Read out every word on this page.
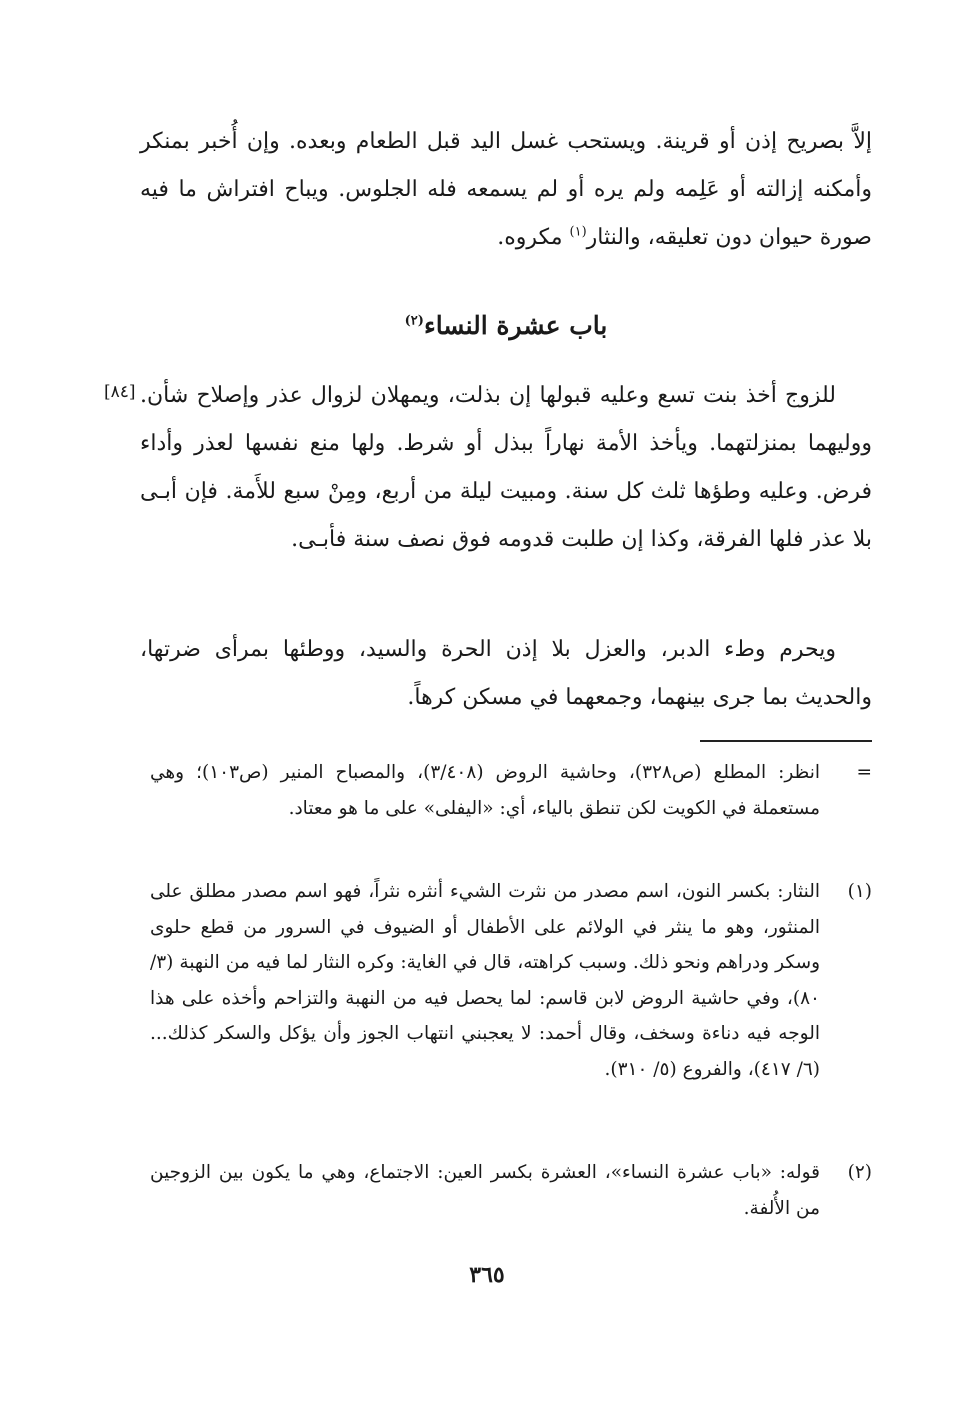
إلاَّ بصريح إذن أو قرينة. ويستحب غسل اليد قبل الطعام وبعده. وإن أُخبر بمنكر وأمكنه إزالته أو عَلِمه ولم يره أو لم يسمعه فله الجلوس. ويباح افتراش ما فيه صورة حيوان دون تعليقه، والنثار$^{(١)}$ مكروه.
باب عشرة النساء$^{(٢)}$
[٨٤] للزوج أخذ بنت تسع وعليه قبولها إن بذلت، ويمهلان لزوال عذر وإصلاح شأن. ووليهما بمنزلتهما. ويأخذ الأمة نهاراً ببذل أو شرط. ولها منع نفسها لعذر وأداء فرض. وعليه وطؤها ثلث كل سنة. ومبيت ليلة من أربع، ومِنْ سبع للأَمة. فإن أبـى بلا عذر فلها الفرقة، وكذا إن طلبت قدومه فوق نصف سنة فأبـى.
ويحرم وطء الدبر، والعزل بلا إذن الحرة والسيد، ووطئها بمرأى ضرتها، والحديث بما جرى بينهما، وجمعهما في مسكن كرهاً.
=
انظر: المطلع (ص٣٢٨)، وحاشية الروض (٣/٤٠٨)، والمصباح المنير (ص١٠٣)؛ وهي مستعملة في الكويت لكن تنطق بالياء، أي: «اليفلى» على ما هو معتاد.
(١)
النثار: بكسر النون، اسم مصدر من نثرت الشيء أنثره نثراً، فهو اسم مصدر مطلق على المنثور، وهو ما ينثر في الولائم على الأطفال أو الضيوف في السرور من قطع حلوى وسكر ودراهم ونحو ذلك. وسبب كراهته، قال في الغاية: وكره النثار لما فيه من النهبة (٣/ ٨٠)، وفي حاشية الروض لابن قاسم: لما يحصل فيه من النهبة والتزاحم وأخذه على هذا الوجه فيه دناءة وسخف، وقال أحمد: لا يعجبني انتهاب الجوز وأن يؤكل والسكر كذلك... (٦/ ٤١٧)، والفروع (٥/ ٣١٠).
(٢)
قوله: «باب عشرة النساء»، العشرة بكسر العين: الاجتماع، وهي ما يكون بين الزوجين من الأُلفة.
٣٦٥
